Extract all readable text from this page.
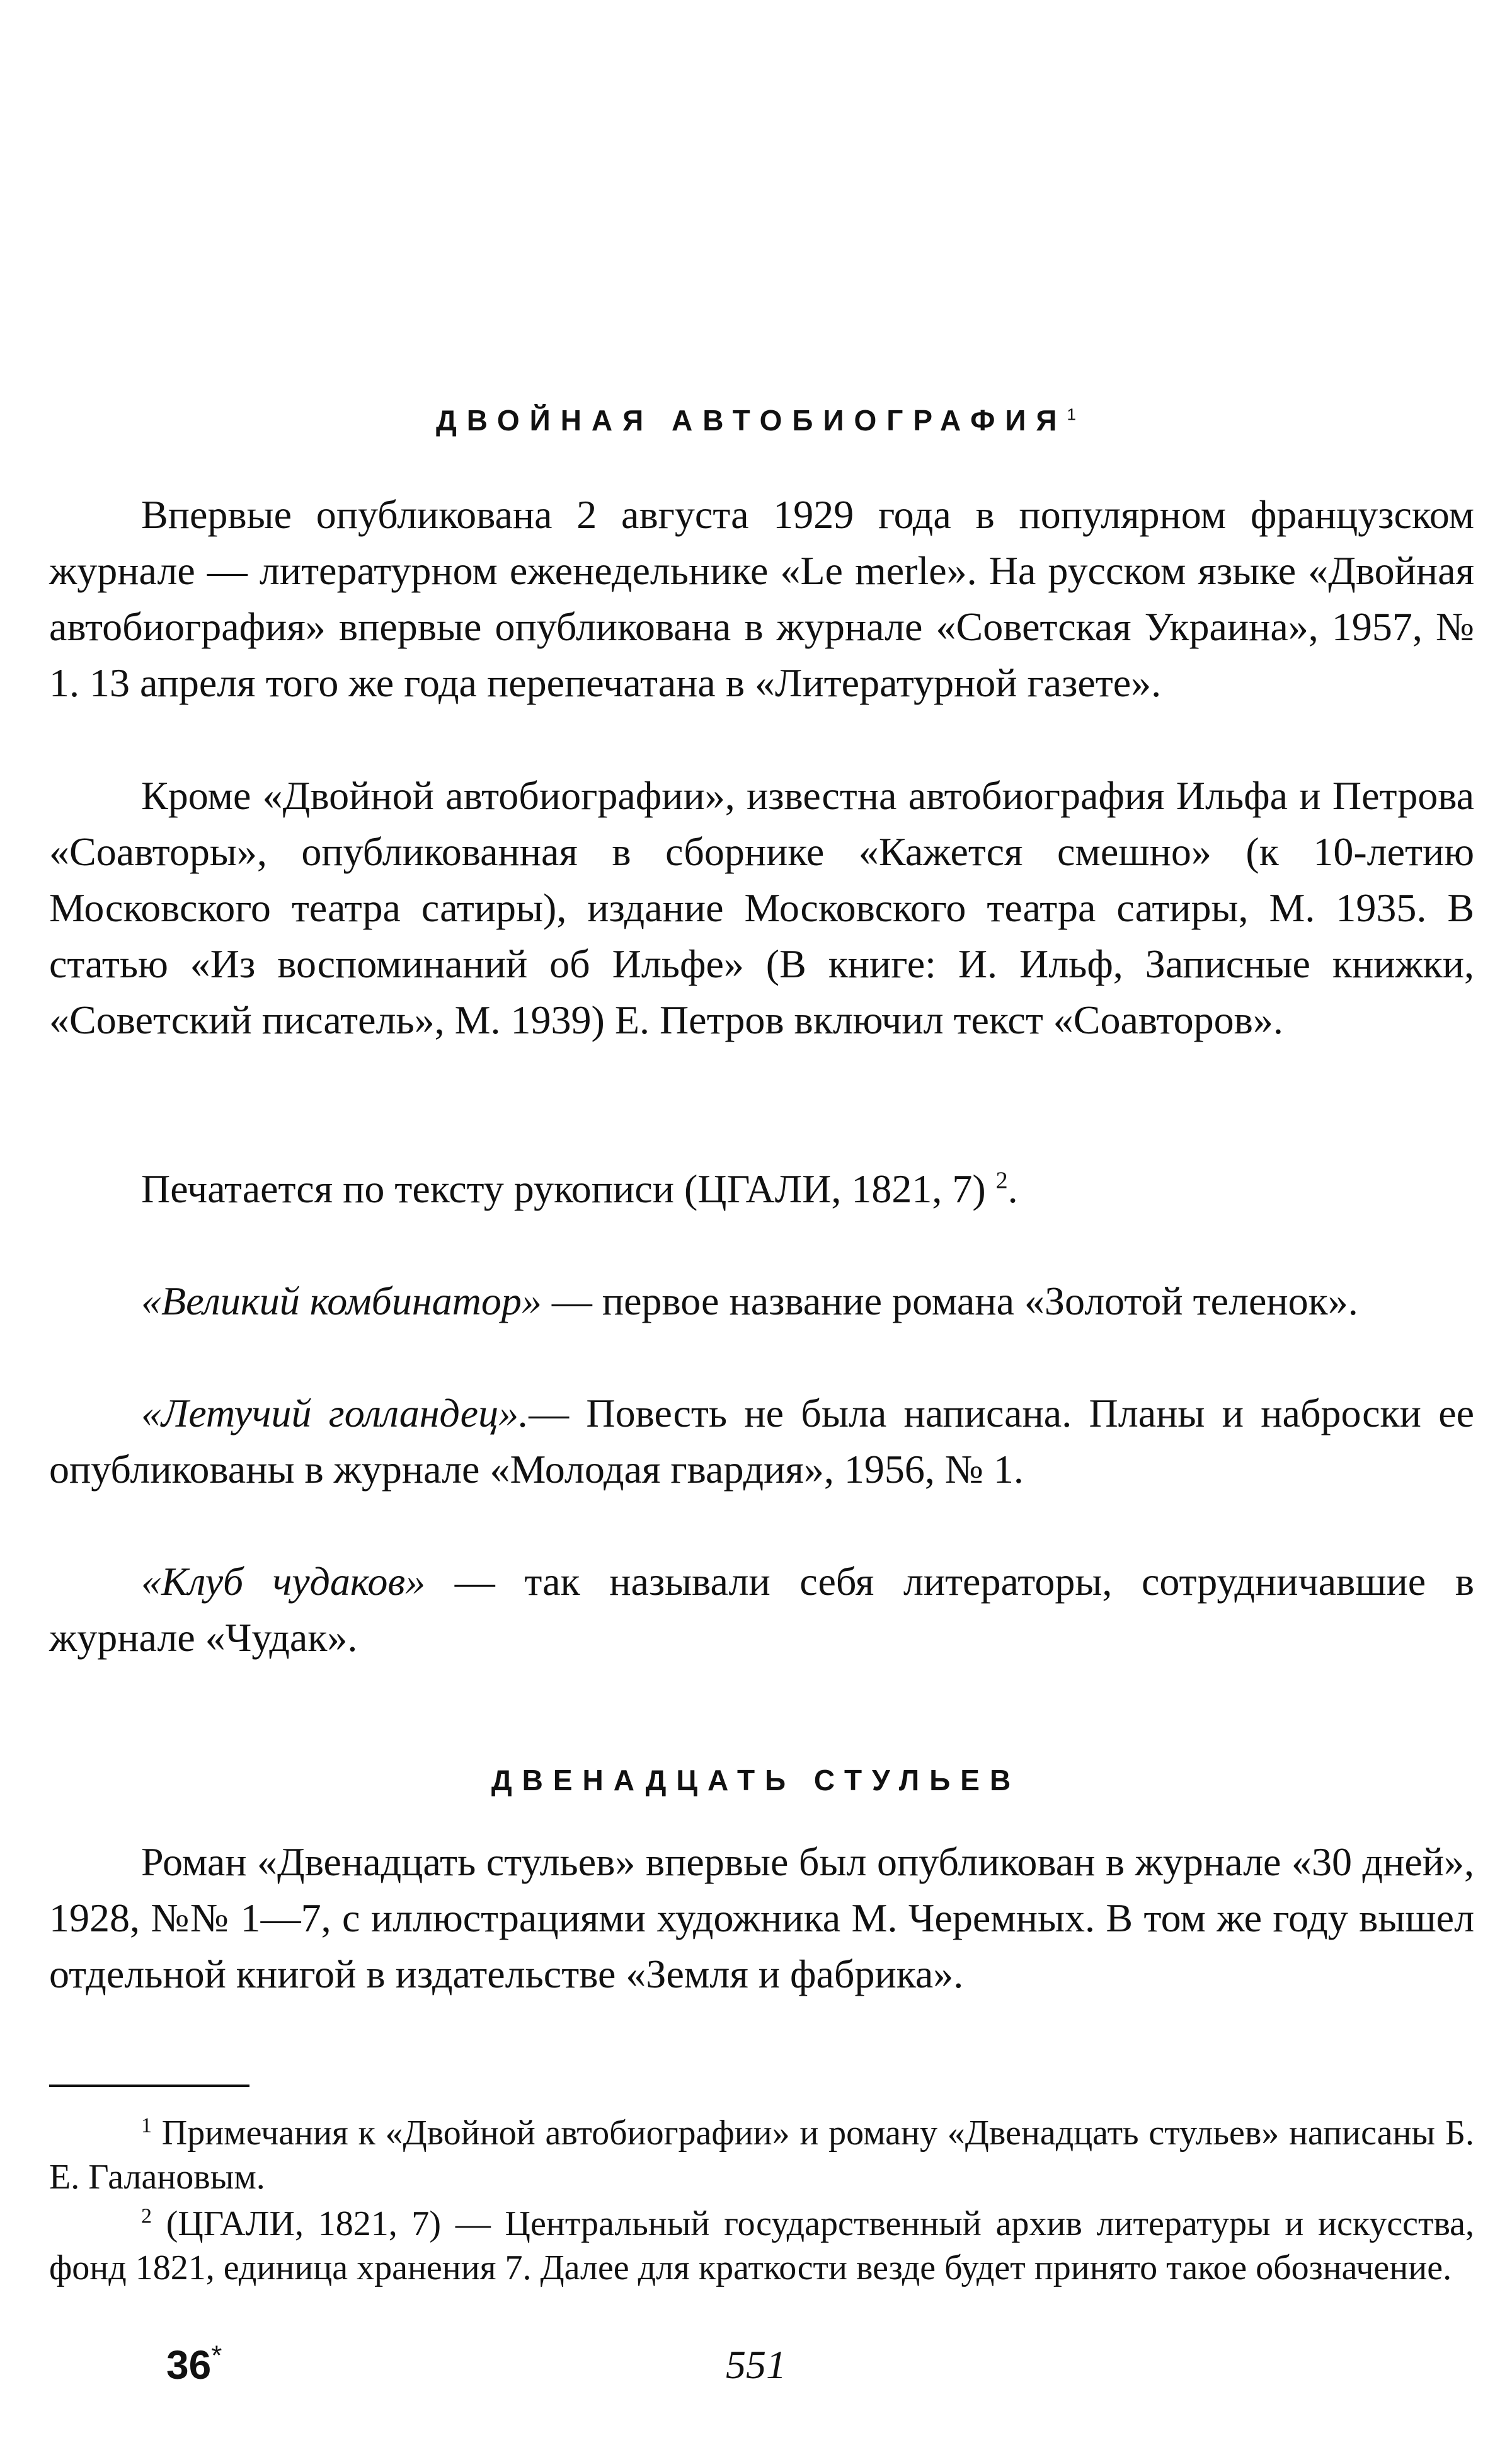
ДВОЙНАЯ АВТОБИОГРАФИЯ$^1$

Впервые опубликована 2 августа 1929 года в популярном французском журнале — литературном еженедельнике «Le merle». На русском языке «Двойная автобиография» впервые опубликована в журнале «Советская Украина», 1957, № 1. 13 апреля того же года перепечатана в «Литературной газете».

Кроме «Двойной автобиографии», известна автобиография Ильфа и Петрова «Соавторы», опубликованная в сборнике «Кажется смешно» (к 10-летию Московского театра сатиры), издание Московского театра сатиры, М. 1935. В статью «Из воспоминаний об Ильфе» (В книге: И. Ильф, Записные книжки, «Советский писатель», М. 1939) Е. Петров включил текст «Соавторов».

Печатается по тексту рукописи (ЦГАЛИ, 1821, 7) $^2$.

«Великий комбинатор» — первое название романа «Золотой теленок».

«Летучий голландец».— Повесть не была написана. Планы и наброски ее опубликованы в журнале «Молодая гвардия», 1956, № 1.

«Клуб чудаков» — так называли себя литераторы, сотрудничавшие в журнале «Чудак».

ДВЕНАДЦАТЬ СТУЛЬЕВ

Роман «Двенадцать стульев» впервые был опубликован в журнале «30 дней», 1928, №№ 1—7, с иллюстрациями художника М. Черемных. В том же году вышел отдельной книгой в издательстве «Земля и фабрика».

$^1$ Примечания к «Двойной автобиографии» и роману «Двенадцать стульев» написаны Б. Е. Галановым.

$^2$ (ЦГАЛИ, 1821, 7) — Центральный государственный архив литературы и искусства, фонд 1821, единица хранения 7. Далее для краткости везде будет принято такое обозначение.

36*	551
